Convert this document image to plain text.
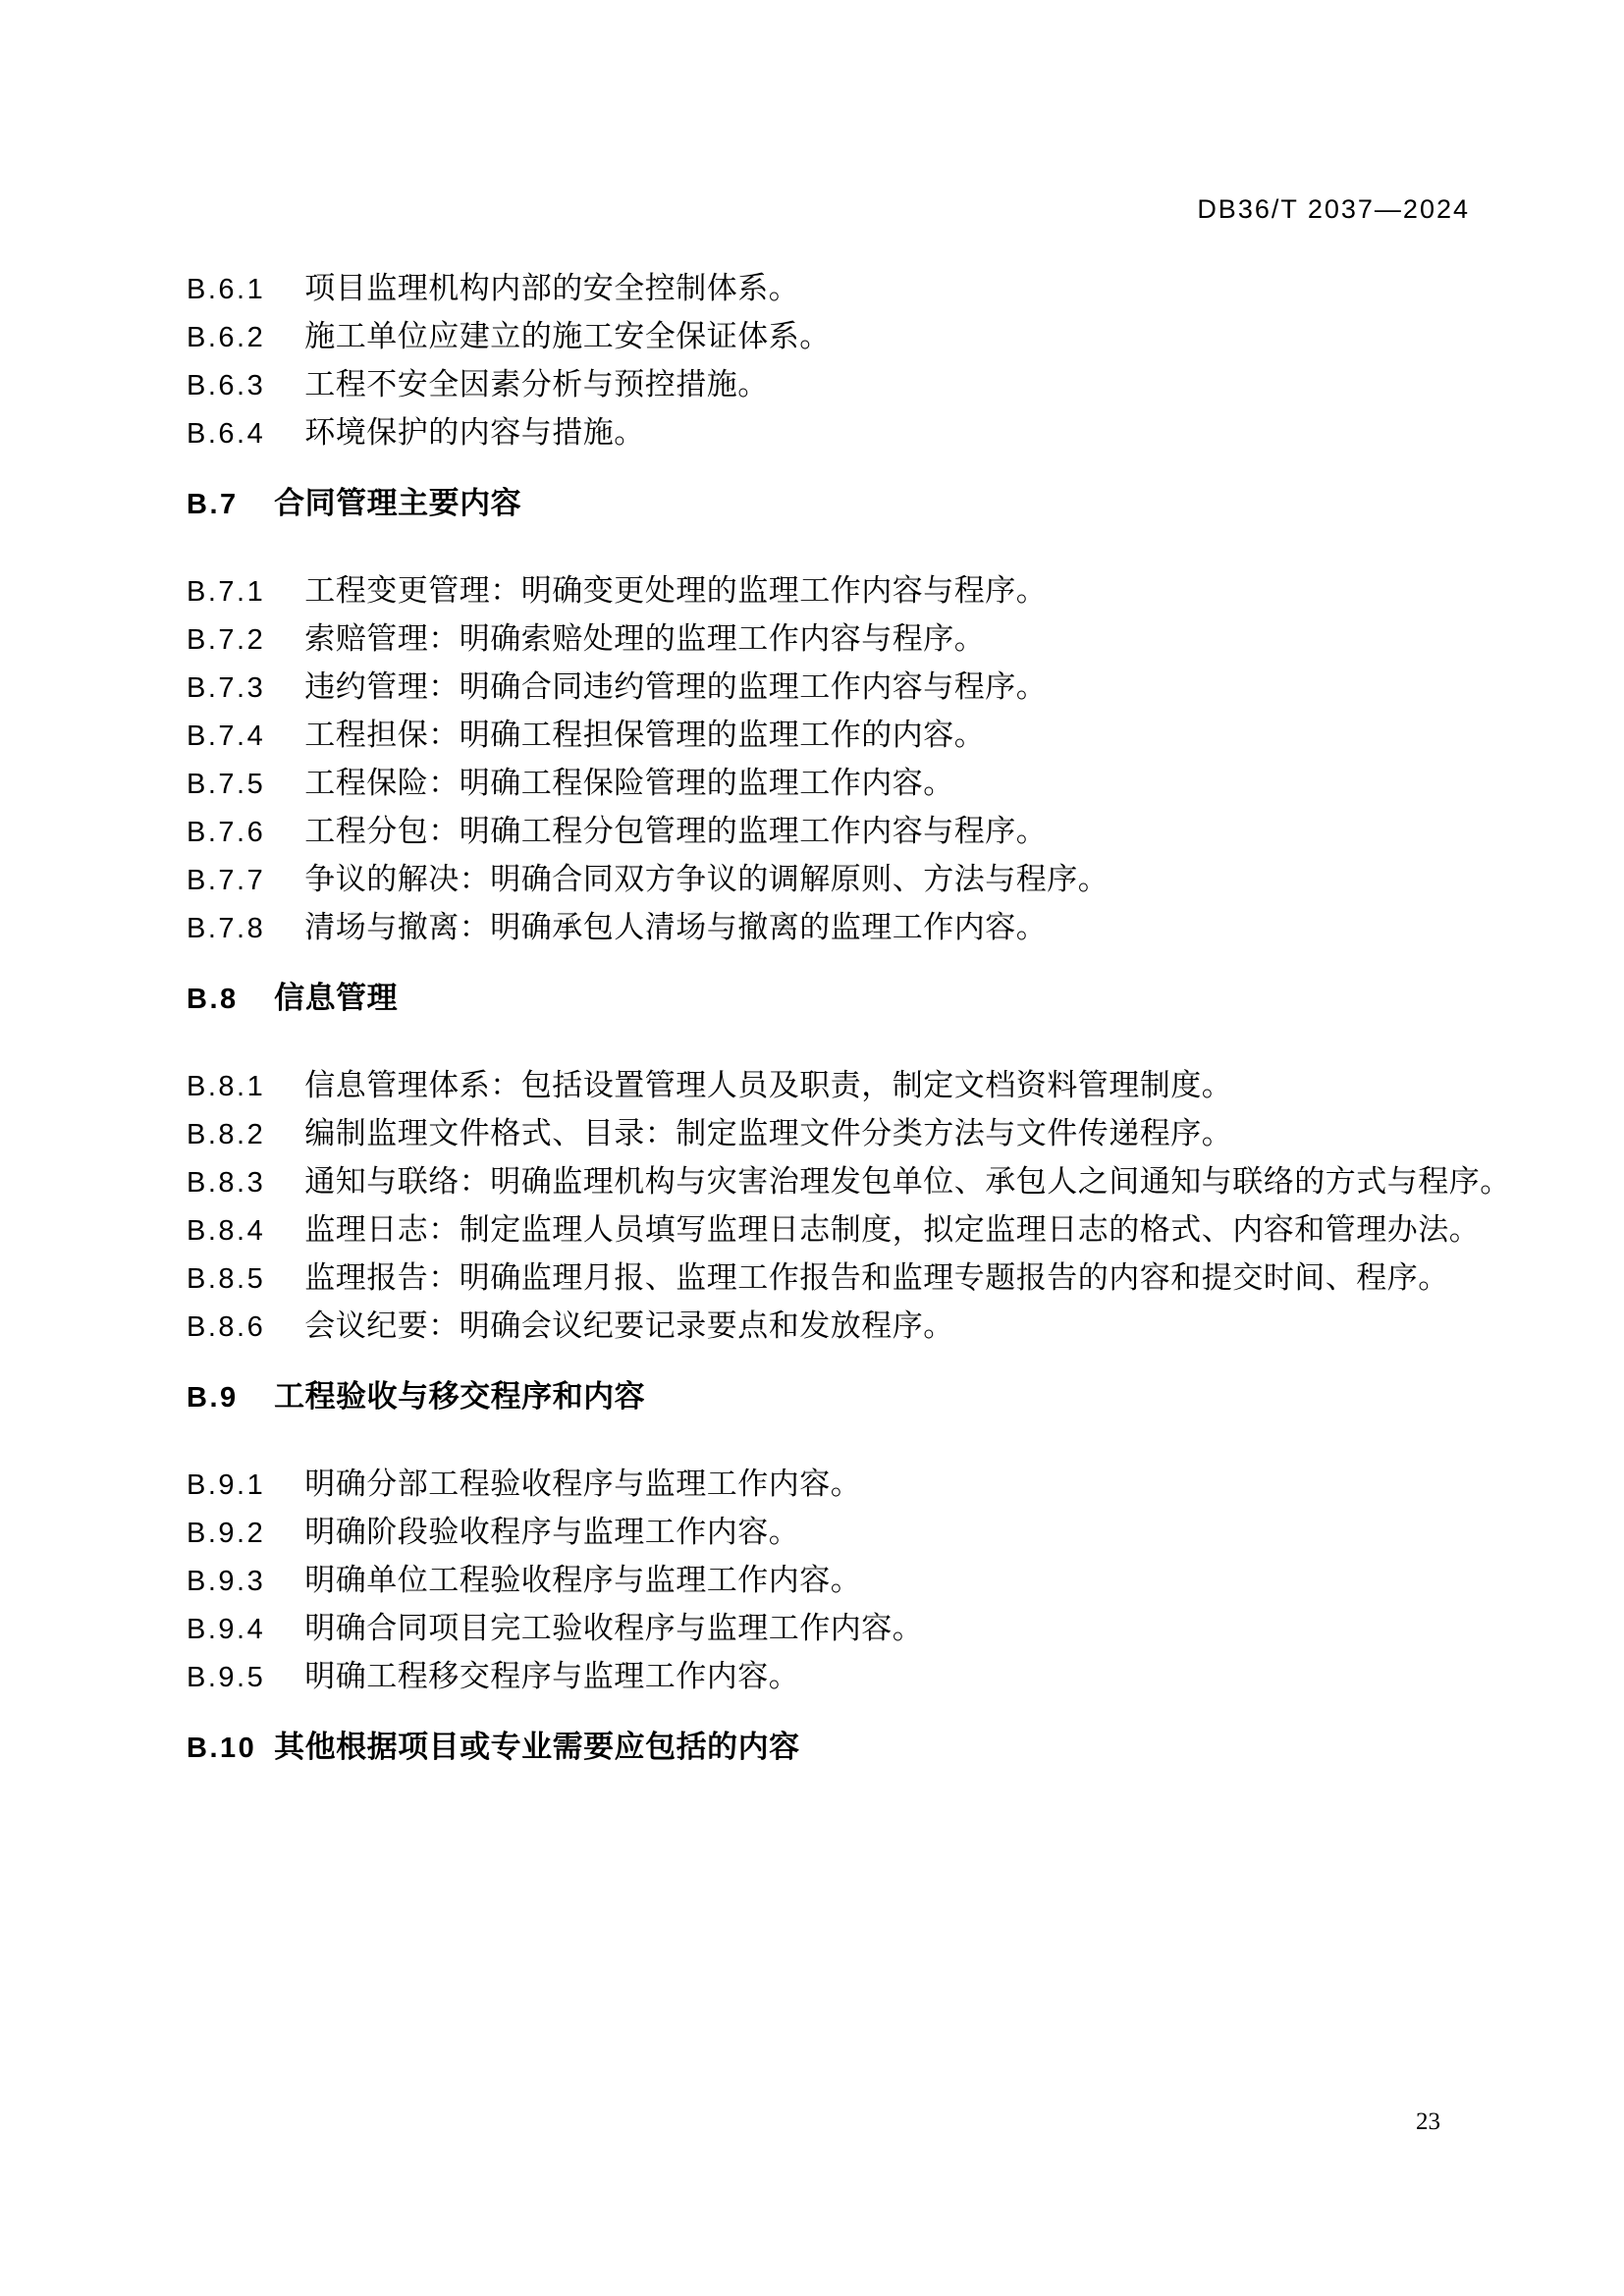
DB36/T 2037—2024

B.6.1 项目监理机构内部的安全控制体系。

B.6.2 施工单位应建立的施工安全保证体系。

B.6.3 工程不安全因素分析与预控措施。

B.6.4 环境保护的内容与措施。

B.7 合同管理主要内容

B.7.1 工程变更管理：明确变更处理的监理工作内容与程序。

B.7.2 索赔管理：明确索赔处理的监理工作内容与程序。

B.7.3 违约管理：明确合同违约管理的监理工作内容与程序。

B.7.4 工程担保：明确工程担保管理的监理工作的内容。

B.7.5 工程保险：明确工程保险管理的监理工作内容。

B.7.6 工程分包：明确工程分包管理的监理工作内容与程序。

B.7.7 争议的解决：明确合同双方争议的调解原则、方法与程序。

B.7.8 清场与撤离：明确承包人清场与撤离的监理工作内容。

B.8 信息管理

B.8.1 信息管理体系：包括设置管理人员及职责，制定文档资料管理制度。

B.8.2 编制监理文件格式、目录：制定监理文件分类方法与文件传递程序。

B.8.3 通知与联络：明确监理机构与灾害治理发包单位、承包人之间通知与联络的方式与程序。

B.8.4 监理日志：制定监理人员填写监理日志制度，拟定监理日志的格式、内容和管理办法。

B.8.5 监理报告：明确监理月报、监理工作报告和监理专题报告的内容和提交时间、程序。

B.8.6 会议纪要：明确会议纪要记录要点和发放程序。

B.9 工程验收与移交程序和内容

B.9.1 明确分部工程验收程序与监理工作内容。

B.9.2 明确阶段验收程序与监理工作内容。

B.9.3 明确单位工程验收程序与监理工作内容。

B.9.4 明确合同项目完工验收程序与监理工作内容。

B.9.5 明确工程移交程序与监理工作内容。

B.10 其他根据项目或专业需要应包括的内容
23
